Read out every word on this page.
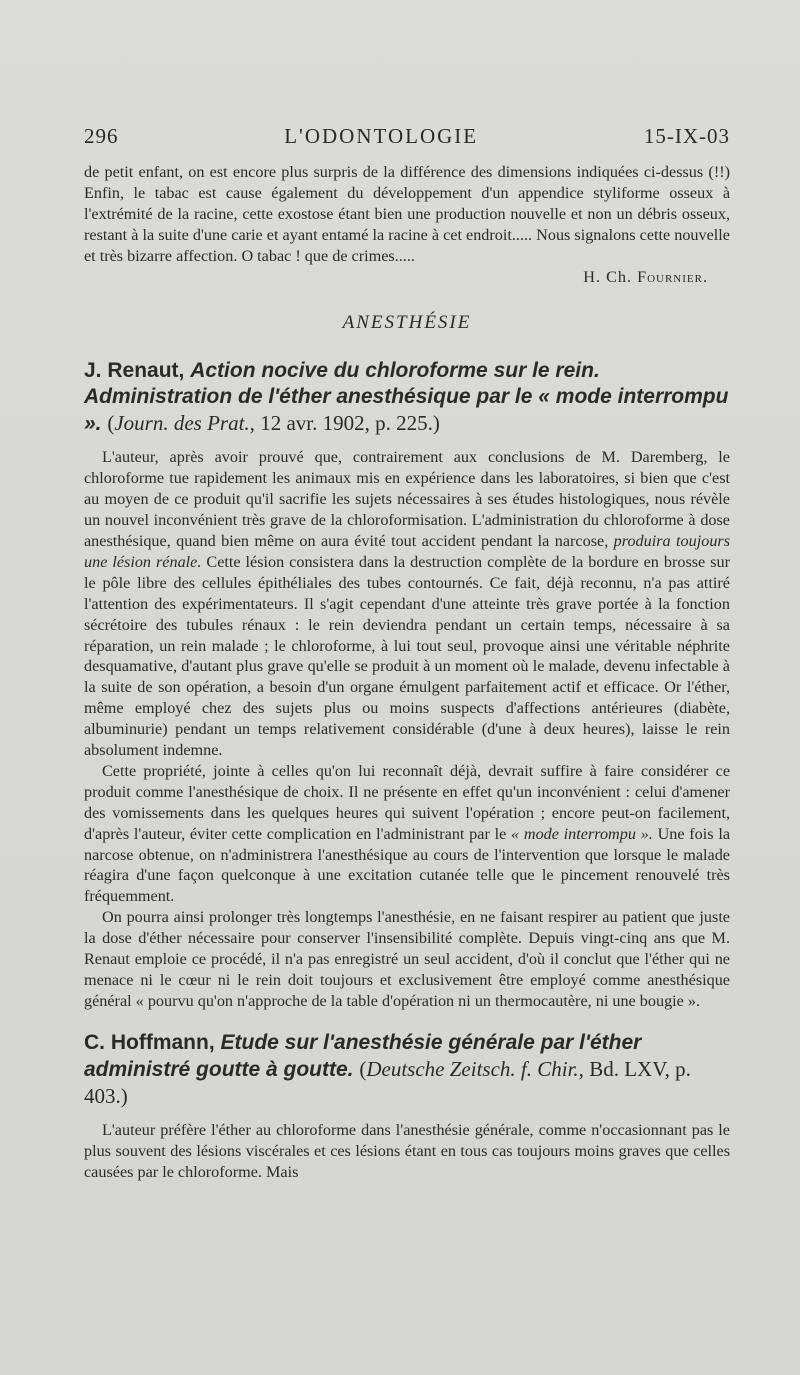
296	L'ODONTOLOGIE	15-IX-03

de petit enfant, on est encore plus surpris de la différence des dimensions indiquées ci-dessus (!!) Enfin, le tabac est cause également du développement d'un appendice styliforme osseux à l'extrémité de la racine, cette exostose étant bien une production nouvelle et non un débris osseux, restant à la suite d'une carie et ayant entamé la racine à cet endroit..... Nous signalons cette nouvelle et très bizarre affection. O tabac ! que de crimes.....

H. Ch. Fournier.

ANESTHÉSIE
J. Renaut, Action nocive du chloroforme sur le rein. Administration de l'éther anesthésique par le « mode interrompu ». (Journ. des Prat., 12 avr. 1902, p. 225.)

L'auteur, après avoir prouvé que, contrairement aux conclusions de M. Daremberg, le chloroforme tue rapidement les animaux mis en expérience dans les laboratoires, si bien que c'est au moyen de ce produit qu'il sacrifie les sujets nécessaires à ses études histologiques, nous révèle un nouvel inconvénient très grave de la chloroformisation. L'administration du chloroforme à dose anesthésique, quand bien même on aura évité tout accident pendant la narcose, produira toujours une lésion rénale. Cette lésion consistera dans la destruction complète de la bordure en brosse sur le pôle libre des cellules épithéliales des tubes contournés. Ce fait, déjà reconnu, n'a pas attiré l'attention des expérimentateurs. Il s'agit cependant d'une atteinte très grave portée à la fonction sécrétoire des tubules rénaux : le rein deviendra pendant un certain temps, nécessaire à sa réparation, un rein malade ; le chloroforme, à lui tout seul, provoque ainsi une véritable néphrite desquamative, d'autant plus grave qu'elle se produit à un moment où le malade, devenu infectable à la suite de son opération, a besoin d'un organe émulgent parfaitement actif et efficace. Or l'éther, même employé chez des sujets plus ou moins suspects d'affections antérieures (diabète, albuminurie) pendant un temps relativement considérable (d'une à deux heures), laisse le rein absolument indemne.

Cette propriété, jointe à celles qu'on lui reconnaît déjà, devrait suffire à faire considérer ce produit comme l'anesthésique de choix. Il ne présente en effet qu'un inconvénient : celui d'amener des vomissements dans les quelques heures qui suivent l'opération ; encore peut-on facilement, d'après l'auteur, éviter cette complication en l'administrant par le « mode interrompu ». Une fois la narcose obtenue, on n'administrera l'anesthésique au cours de l'intervention que lorsque le malade réagira d'une façon quelconque à une excitation cutanée telle que le pincement renouvelé très fréquemment.

On pourra ainsi prolonger très longtemps l'anesthésie, en ne faisant respirer au patient que juste la dose d'éther nécessaire pour conserver l'insensibilité complète. Depuis vingt-cinq ans que M. Renaut emploie ce procédé, il n'a pas enregistré un seul accident, d'où il conclut que l'éther qui ne menace ni le cœur ni le rein doit toujours et exclusivement être employé comme anesthésique général « pourvu qu'on n'approche de la table d'opération ni un thermocautère, ni une bougie ».

C. Hoffmann, Etude sur l'anesthésie générale par l'éther administré goutte à goutte. (Deutsche Zeitsch. f. Chir., Bd. LXV, p. 403.)

L'auteur préfère l'éther au chloroforme dans l'anesthésie générale, comme n'occasionnant pas le plus souvent des lésions viscérales et ces lésions étant en tous cas toujours moins graves que celles causées par le chloroforme. Mais
